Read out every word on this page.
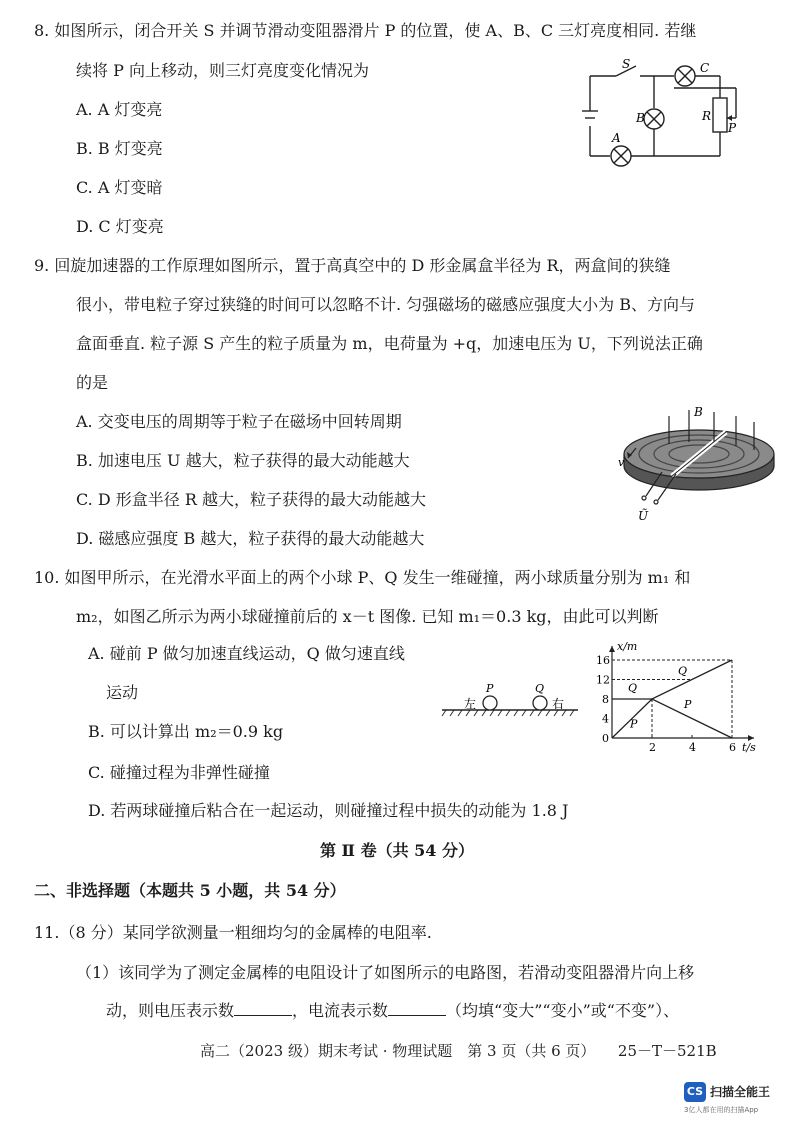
8. 如图所示，闭合开关 S 并调节滑动变阻器滑片 P 的位置，使 A、B、C 三灯亮度相同. 若继
续将 P 向上移动，则三灯亮度变化情况为
A. A 灯变亮
B. B 灯变亮
C. A 灯变暗
D. C 灯变亮
S	C
B
A
R
P
9. 回旋加速器的工作原理如图所示，置于高真空中的 D 形金属盒半径为 R，两盒间的狭缝
很小，带电粒子穿过狭缝的时间可以忽略不计. 匀强磁场的磁感应强度大小为 B、方向与
盒面垂直. 粒子源 S 产生的粒子质量为 m，电荷量为 +q，加速电压为 U，下列说法正确
的是
A. 交变电压的周期等于粒子在磁场中回转周期
B. 加速电压 U 越大，粒子获得的最大动能越大
C. D 形盒半径 R 越大，粒子获得的最大动能越大
D. 磁感应强度 B 越大，粒子获得的最大动能越大
B
v
Ũ
10. 如图甲所示，在光滑水平面上的两个小球 P、Q 发生一维碰撞，两小球质量分别为 m₁ 和
m₂，如图乙所示为两小球碰撞前后的 x－t 图像. 已知 m₁＝0.3 kg，由此可以判断
A. 碰前 P 做匀加速直线运动，Q 做匀速直线
运动
B. 可以计算出 m₂＝0.9 kg
C. 碰撞过程为非弹性碰撞
D. 若两球碰撞后粘合在一起运动，则碰撞过程中损失的动能为 1.8 J
左	右
P	Q
P
P
Q
Q
2	4	6
4
8
12
16
0
t/s
x/m
第 Ⅱ 卷（共 54 分）
二、非选择题（本题共 5 小题，共 54 分）
11.（8 分）某同学欲测量一粗细均匀的金属棒的电阻率.
（1）该同学为了测定金属棒的电阻设计了如图所示的电路图，若滑动变阻器滑片向上移
动，则电压表示数	，电流表示数	（均填“变大”“变小”或“不变”）、
高二（2023 级）期末考试 · 物理试题　第 3 页（共 6 页）　　25－T－521B
CS 扫描全能王
3亿人都在用的扫描App
